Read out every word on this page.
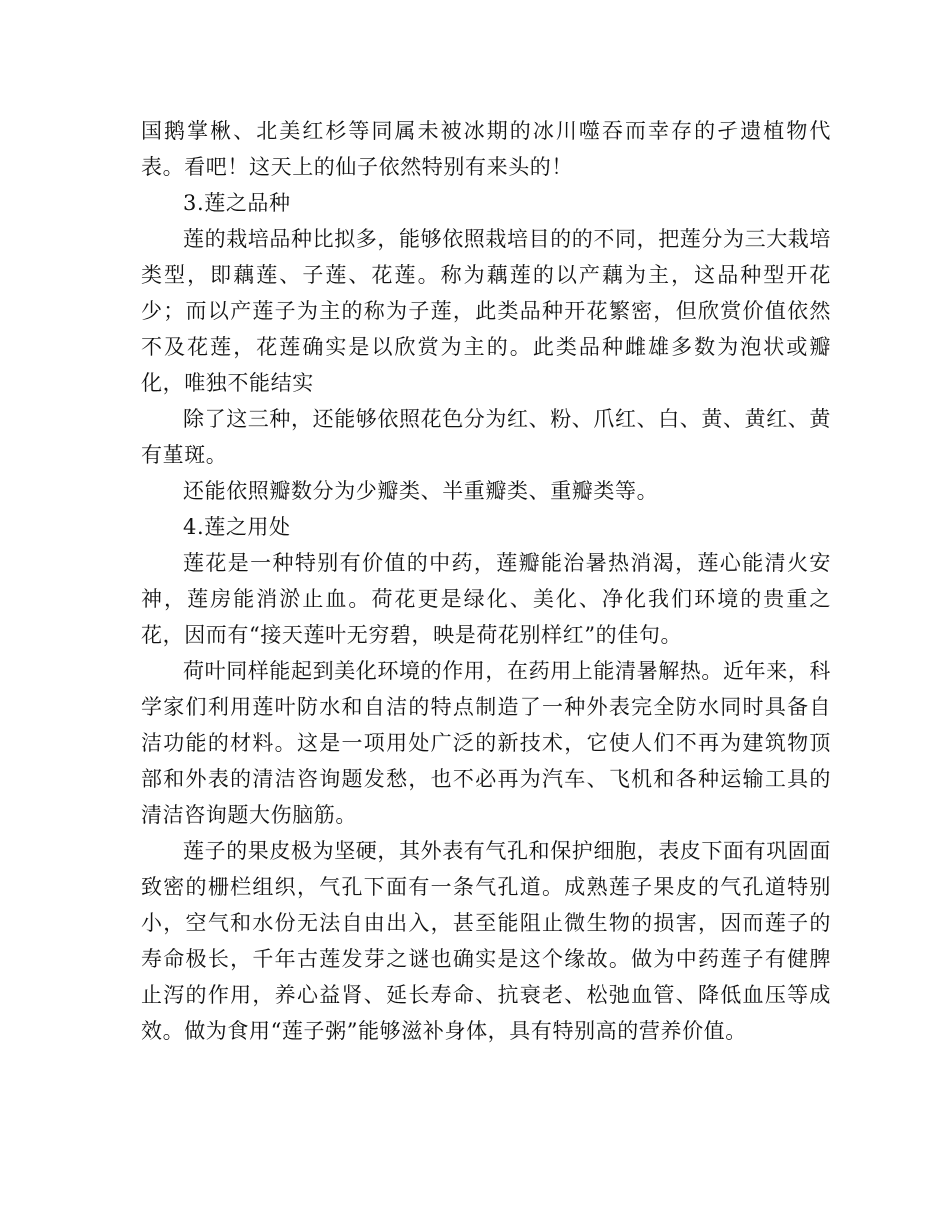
国鹅掌楸、北美红杉等同属未被冰期的冰川噬吞而幸存的孑遗植物代表。看吧！这天上的仙子依然特别有来头的！

3.莲之品种

莲的栽培品种比拟多，能够依照栽培目的的不同，把莲分为三大栽培类型，即藕莲、子莲、花莲。称为藕莲的以产藕为主，这品种型开花少；而以产莲子为主的称为子莲，此类品种开花繁密，但欣赏价值依然不及花莲，花莲确实是以欣赏为主的。此类品种雌雄多数为泡状或瓣化，唯独不能结实

除了这三种，还能够依照花色分为红、粉、爪红、白、黄、黄红、黄有堇斑。

还能依照瓣数分为少瓣类、半重瓣类、重瓣类等。

4.莲之用处

莲花是一种特别有价值的中药，莲瓣能治暑热消渴，莲心能清火安神，莲房能消淤止血。荷花更是绿化、美化、净化我们环境的贵重之花，因而有“接天莲叶无穷碧，映是荷花别样红”的佳句。

荷叶同样能起到美化环境的作用，在药用上能清暑解热。近年来，科学家们利用莲叶防水和自洁的特点制造了一种外表完全防水同时具备自洁功能的材料。这是一项用处广泛的新技术，它使人们不再为建筑物顶部和外表的清洁咨询题发愁，也不必再为汽车、飞机和各种运输工具的清洁咨询题大伤脑筋。

莲子的果皮极为坚硬，其外表有气孔和保护细胞，表皮下面有巩固面致密的栅栏组织，气孔下面有一条气孔道。成熟莲子果皮的气孔道特别小，空气和水份无法自由出入，甚至能阻止微生物的损害，因而莲子的寿命极长，千年古莲发芽之谜也确实是这个缘故。做为中药莲子有健脾止泻的作用，养心益肾、延长寿命、抗衰老、松弛血管、降低血压等成效。做为食用“莲子粥”能够滋补身体，具有特别高的营养价值。
